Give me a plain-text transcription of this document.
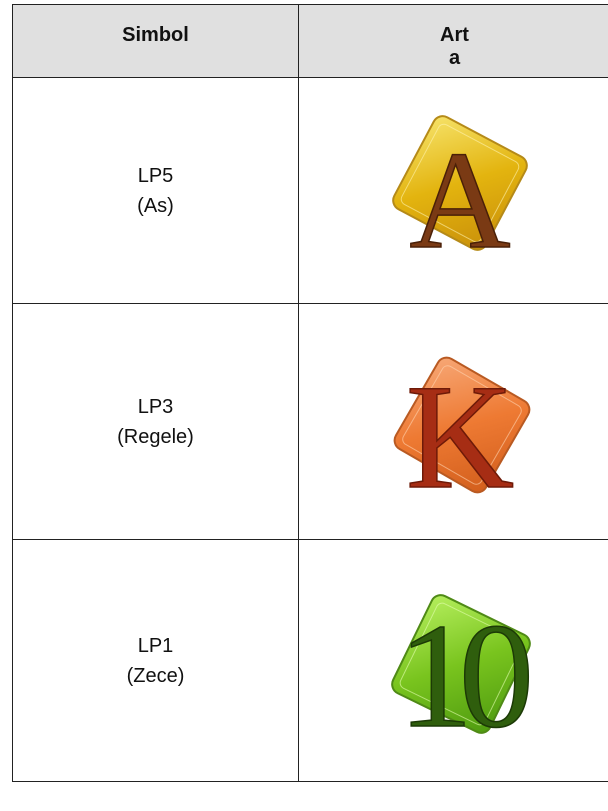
Simbol	Art
a

LP5
(As)	A

LP3
(Regele)	K

LP1
(Zece)	10
